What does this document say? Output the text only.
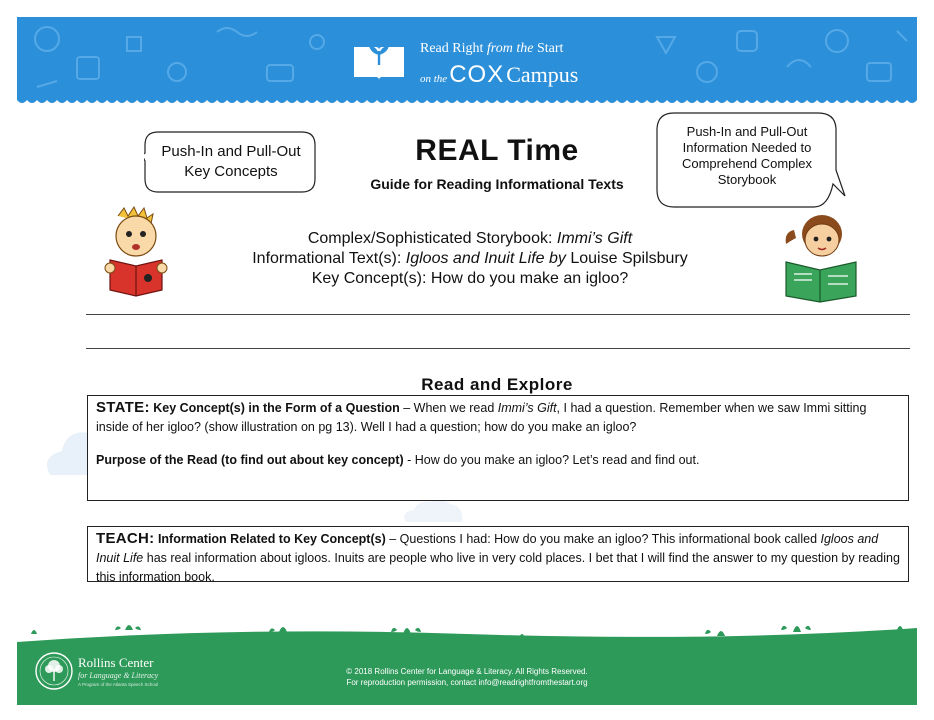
Read Right from the Start
on theCOXCampus
Push-In and Pull-Out Key Concepts
Push-In and Pull-Out Information Needed to Comprehend Complex Storybook
REAL Time
Guide for Reading Informational Texts
Complex/Sophisticated Storybook: Immi’s Gift
Informational Text(s): Igloos and Inuit Life by Louise Spilsbury
Key Concept(s): How do you make an igloo?
Read and Explore
STATE: Key Concept(s) in the Form of a Question – When we read Immi’s Gift, I had a question. Remember when we saw Immi sitting inside of her igloo? (show illustration on pg 13). Well I had a question; how do you make an igloo?
Purpose of the Read (to find out about key concept) - How do you make an igloo? Let’s read and find out.
TEACH: Information Related to Key Concept(s) – Questions I had: How do you make an igloo? This informational book called Igloos and Inuit Life has real information about igloos. Inuits are people who live in very cold places. I bet that I will find the answer to my question by reading this information book.
Rollins Center
for Language & Literacy
A Program of the Atlanta Speech School
© 2018 Rollins Center for Language & Literacy. All Rights Reserved.
For reproduction permission, contact info@readrightfromthestart.org
